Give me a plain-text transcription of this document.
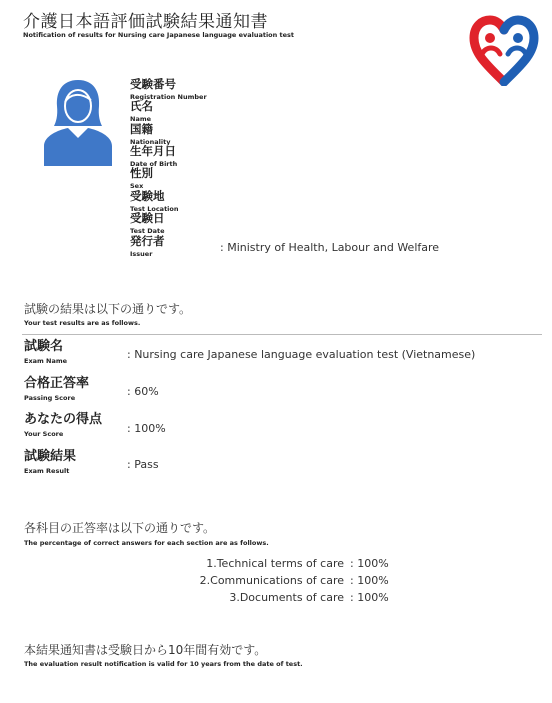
介護日本語評価試験結果通知書
Notification of results for Nursing care Japanese language evaluation test
受験番号
Registration Number
氏名
Name
国籍
Nationality
生年月日
Date of Birth
性別
Sex
受験地
Test Location
受験日
Test Date
発行者
Issuer	: Ministry of Health, Labour and Welfare
試験の結果は以下の通りです。
Your test results are as follows.
試験名
Exam Name	: Nursing care Japanese language evaluation test (Vietnamese)
合格正答率
Passing Score	: 60%
あなたの得点
Your Score	: 100%
試験結果
Exam Result	: Pass
各科目の正答率は以下の通りです。
The percentage of correct answers for each section are as follows.
1.Technical terms of care : 100%
2.Communications of care : 100%
3.Documents of care : 100%
本結果通知書は受験日から10年間有効です。
The evaluation result notification is valid for 10 years from the date of test.
